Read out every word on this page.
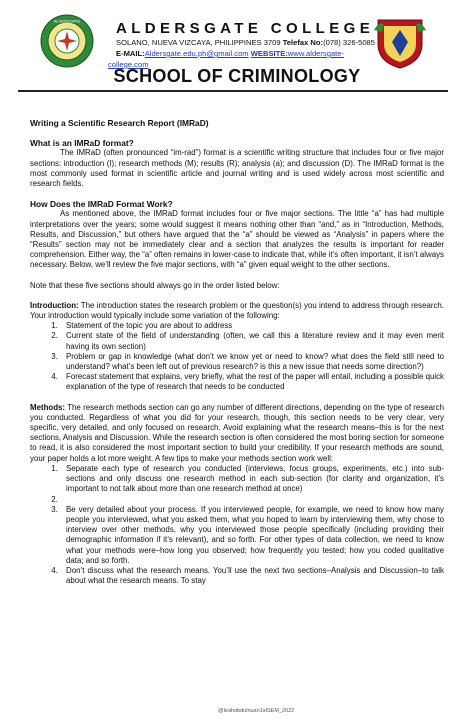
ALDERSGATE ALDERSGATE COLLEGE
SOLANO, NUEVA VIZCAYA, PHILIPPINES 3709 Telefax No:(078) 326-5085
E-MAIL:Aldersgate.edu.ph@gmail.com WEBSITE:www.aldersgate-
college.com
SCHOOL OF CRIMINOLOGY

Writing a Scientific Research Report (IMRaD)

What is an IMRaD format?

The IMRaD (often pronounced “im-rad”) format is a scientific writing structure that includes four or five major sections: introduction (I); research methods (M); results (R); analysis (a); and discussion (D). The IMRaD format is the most commonly used format in scientific article and journal writing and is used widely across most scientific and research fields.

How Does the IMRaD Format Work?

As mentioned above, the IMRaD format includes four or five major sections. The little “a” has had multiple interpretations over the years; some would suggest it means nothing other than “and,” as in “Introduction, Methods, Results, and Discussion,” but others have argued that the “a” should be viewed as “Analysis” in papers where the “Results” section may not be immediately clear and a section that analyzes the results is important for reader comprehension. Either way, the “a” often remains in lower-case to indicate that, while it’s often important, it isn’t always necessary. Below, we’ll review the five major sections, with “a” given equal weight to the other sections.

Note that these five sections should always go in the order listed below:

Introduction: The introduction states the research problem or the question(s) you intend to address through research. Your introduction would typically include some variation of the following:

1. Statement of the topic you are about to address
2. Current state of the field of understanding (often, we call this a literature review and it may even merit having its own section)
3. Problem or gap in knowledge (what don’t we know yet or need to know? what does the field still need to understand? what’s been left out of previous research? is this a new issue that needs some direction?)
4. Forecast statement that explains, very briefly, what the rest of the paper will entail, including a possible quick explanation of the type of research that needs to be conducted

Methods: The research methods section can go any number of different directions, depending on the type of research you conducted. Regardless of what you did for your research, though, this section needs to be very clear, very specific, very detailed, and only focused on research. Avoid explaining what the research means–this is for the next sections, Analysis and Discussion. While the research section is often considered the most boring section for someone to read, it is also considered the most important section to build your credibility. If your research methods are sound, your paper holds a lot more weight. A few tips to make your methods section work well:

1. Separate each type of research you conducted (interviews, focus groups, experiments, etc.) into sub-sections and only discuss one research method in each sub-section (for clarity and organization, it’s important to not talk about more than one research method at once)
2.
3. Be very detailed about your process. If you interviewed people, for example, we need to know how many people you interviewed, what you asked them, what you hoped to learn by interviewing them, why chose to interview over other methods, why you interviewed those people specifically (including providing their demographic information if it’s relevant), and so forth. For other types of data collection, we need to know what your methods were–how long you observed; how frequently you tested; how you coded qualitative data; and so forth.
4. Don’t discuss what the research means. You’ll use the next two sections–Analysis and Discussion–to talk about what the research means. To stay
@leahobdulnuan1stSEM_2022
